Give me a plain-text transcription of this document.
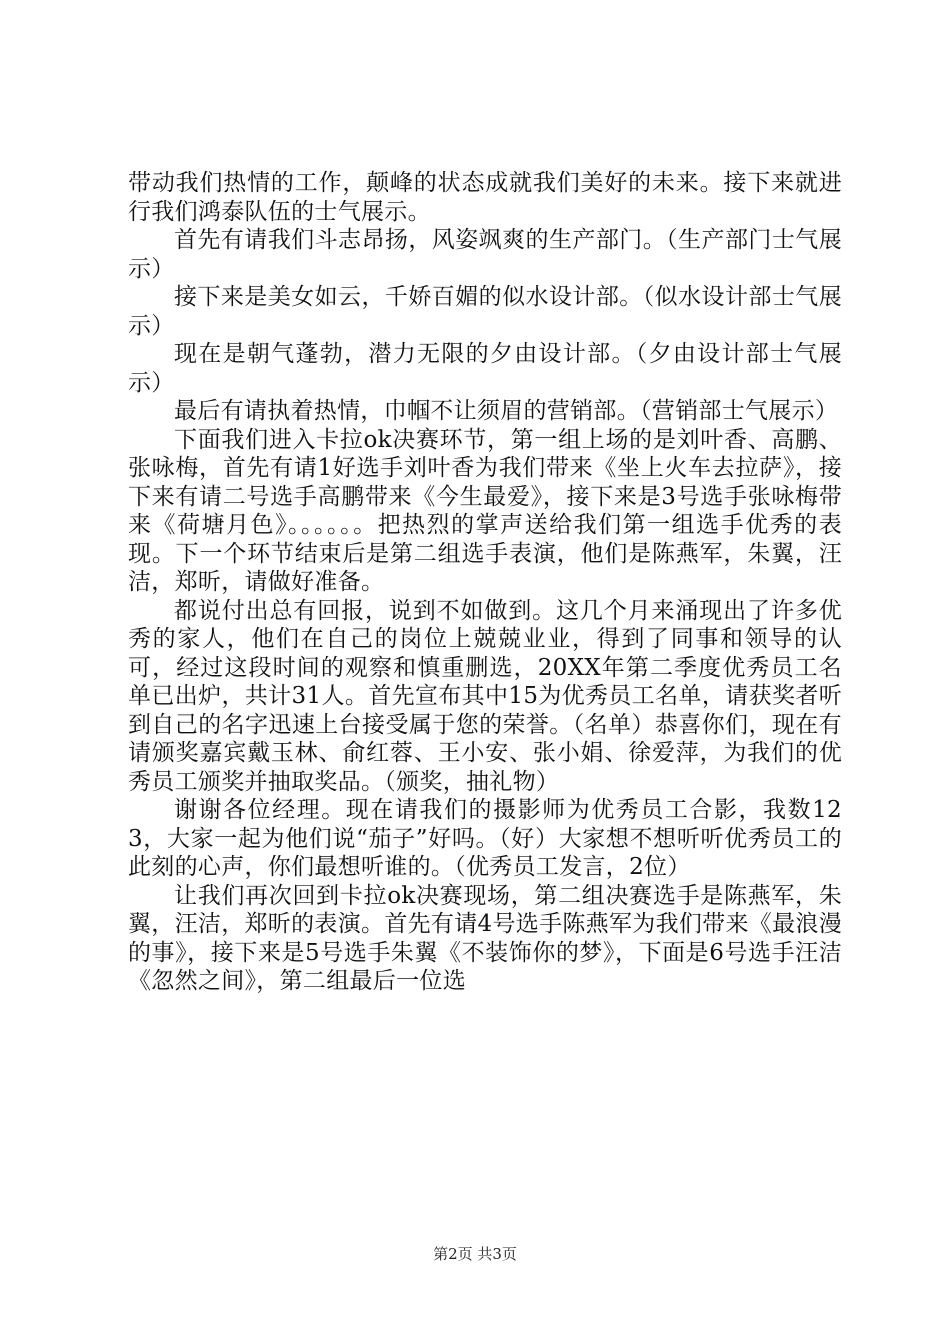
带动我们热情的工作，颠峰的状态成就我们美好的未来。接下来就进行我们鸿泰队伍的士气展示。

首先有请我们斗志昂扬，风姿飒爽的生产部门。（生产部门士气展示）

接下来是美女如云，千娇百媚的似水设计部。（似水设计部士气展示）

现在是朝气蓬勃，潜力无限的夕由设计部。（夕由设计部士气展示）

最后有请执着热情，巾帼不让须眉的营销部。（营销部士气展示）

下面我们进入卡拉ok决赛环节，第一组上场的是刘叶香、高鹏、张咏梅，首先有请1好选手刘叶香为我们带来《坐上火车去拉萨》，接下来有请二号选手高鹏带来《今生最爱》，接下来是3号选手张咏梅带来《荷塘月色》。。。。。。把热烈的掌声送给我们第一组选手优秀的表现。下一个环节结束后是第二组选手表演，他们是陈燕军，朱翼，汪洁，郑昕，请做好准备。

都说付出总有回报，说到不如做到。这几个月来涌现出了许多优秀的家人，他们在自己的岗位上兢兢业业，得到了同事和领导的认可，经过这段时间的观察和慎重删选，20XX年第二季度优秀员工名单已出炉，共计31人。首先宣布其中15为优秀员工名单，请获奖者听到自己的名字迅速上台接受属于您的荣誉。（名单）恭喜你们，现在有请颁奖嘉宾戴玉林、俞红蓉、王小安、张小娟、徐爱萍，为我们的优秀员工颁奖并抽取奖品。（颁奖，抽礼物）

谢谢各位经理。现在请我们的摄影师为优秀员工合影，我数123，大家一起为他们说“茄子”好吗。（好）大家想不想听听优秀员工的此刻的心声，你们最想听谁的。（优秀员工发言，2位）

让我们再次回到卡拉ok决赛现场，第二组决赛选手是陈燕军，朱翼，汪洁，郑昕的表演。首先有请4号选手陈燕军为我们带来《最浪漫的事》，接下来是5号选手朱翼《不装饰你的梦》，下面是6号选手汪洁《忽然之间》，第二组最后一位选

第2页 共3页
